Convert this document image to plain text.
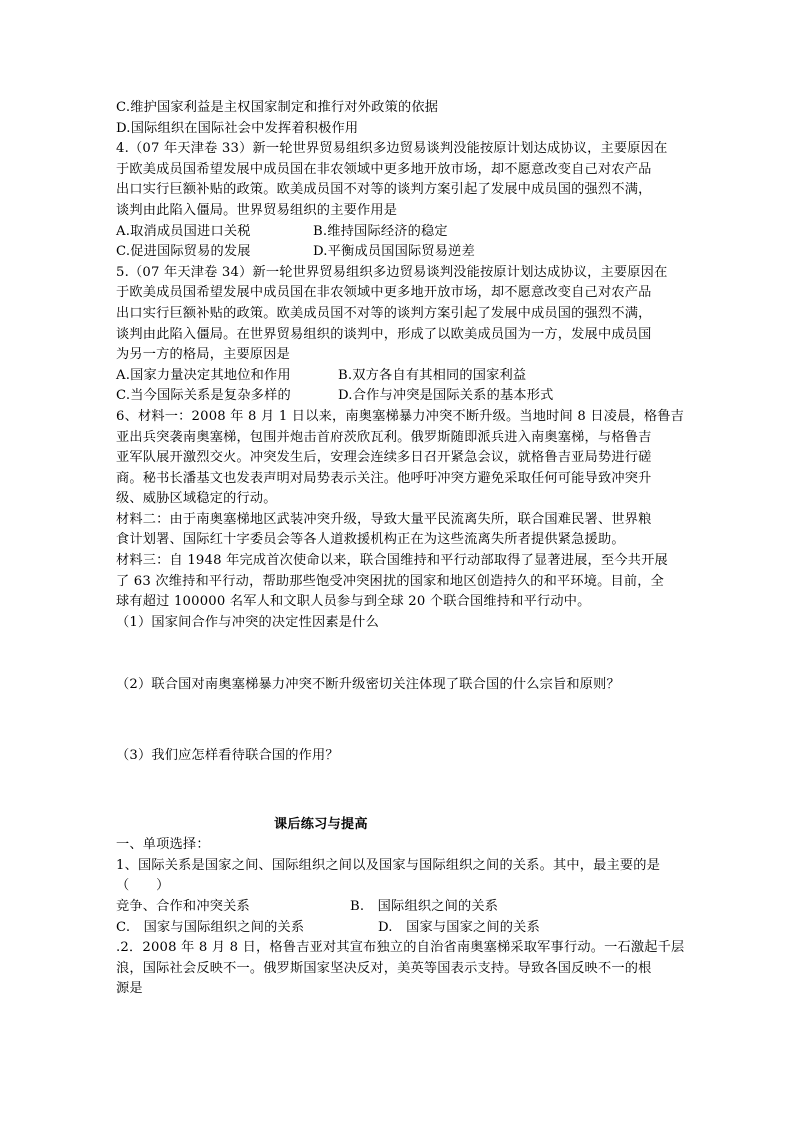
C.维护国家利益是主权国家制定和推行对外政策的依据
D.国际组织在国际社会中发挥着积极作用
4.（07 年天津卷 33）新一轮世界贸易组织多边贸易谈判没能按原计划达成协议，主要原因在
于欧美成员国希望发展中成员国在非农领域中更多地开放市场，却不愿意改变自己对农产品
出口实行巨额补贴的政策。欧美成员国不对等的谈判方案引起了发展中成员国的强烈不满，
谈判由此陷入僵局。世界贸易组织的主要作用是
A.取消成员国进口关税	B.维持国际经济的稳定
C.促进国际贸易的发展	D.平衡成员国国际贸易逆差
5.（07 年天津卷 34）新一轮世界贸易组织多边贸易谈判没能按原计划达成协议，主要原因在
于欧美成员国希望发展中成员国在非农领域中更多地开放市场，却不愿意改变自己对农产品
出口实行巨额补贴的政策。欧美成员国不对等的谈判方案引起了发展中成员国的强烈不满，
谈判由此陷入僵局。在世界贸易组织的谈判中，形成了以欧美成员国为一方，发展中成员国
为另一方的格局，主要原因是
A.国家力量决定其地位和作用	B.双方各自有其相同的国家利益
C.当今国际关系是复杂多样的	D.合作与冲突是国际关系的基本形式
6、材料一：2008 年 8 月 1 日以来，南奥塞梯暴力冲突不断升级。当地时间 8 日凌晨，格鲁吉
亚出兵突袭南奥塞梯，包围并炮击首府茨欣瓦利。俄罗斯随即派兵进入南奥塞梯，与格鲁吉
亚军队展开激烈交火。冲突发生后，安理会连续多日召开紧急会议，就格鲁吉亚局势进行磋
商。秘书长潘基文也发表声明对局势表示关注。他呼吁冲突方避免采取任何可能导致冲突升
级、威胁区域稳定的行动。
材料二：由于南奥塞梯地区武装冲突升级，导致大量平民流离失所，联合国难民署、世界粮
食计划署、国际红十字委员会等各人道救援机构正在为这些流离失所者提供紧急援助。
材料三：自 1948 年完成首次使命以来，联合国维持和平行动部取得了显著进展，至今共开展
了 63 次维持和平行动，帮助那些饱受冲突困扰的国家和地区创造持久的和平环境。目前，全
球有超过 100000 名军人和文职人员参与到全球 20 个联合国维持和平行动中。
（1）国家间合作与冲突的决定性因素是什么
（2）联合国对南奥塞梯暴力冲突不断升级密切关注体现了联合国的什么宗旨和原则？
（3）我们应怎样看待联合国的作用？
课后练习与提高
一、单项选择：
1、国际关系是国家之间、国际组织之间以及国家与国际组织之间的关系。其中，最主要的是
（　　）
竞争、合作和冲突关系	B.　国际组织之间的关系
C.　国家与国际组织之间的关系	D.　国家与国家之间的关系
.2．2008 年 8 月 8 日，格鲁吉亚对其宣布独立的自治省南奥塞梯采取军事行动。一石激起千层
浪，国际社会反映不一。俄罗斯国家坚决反对，美英等国表示支持。导致各国反映不一的根
源是
